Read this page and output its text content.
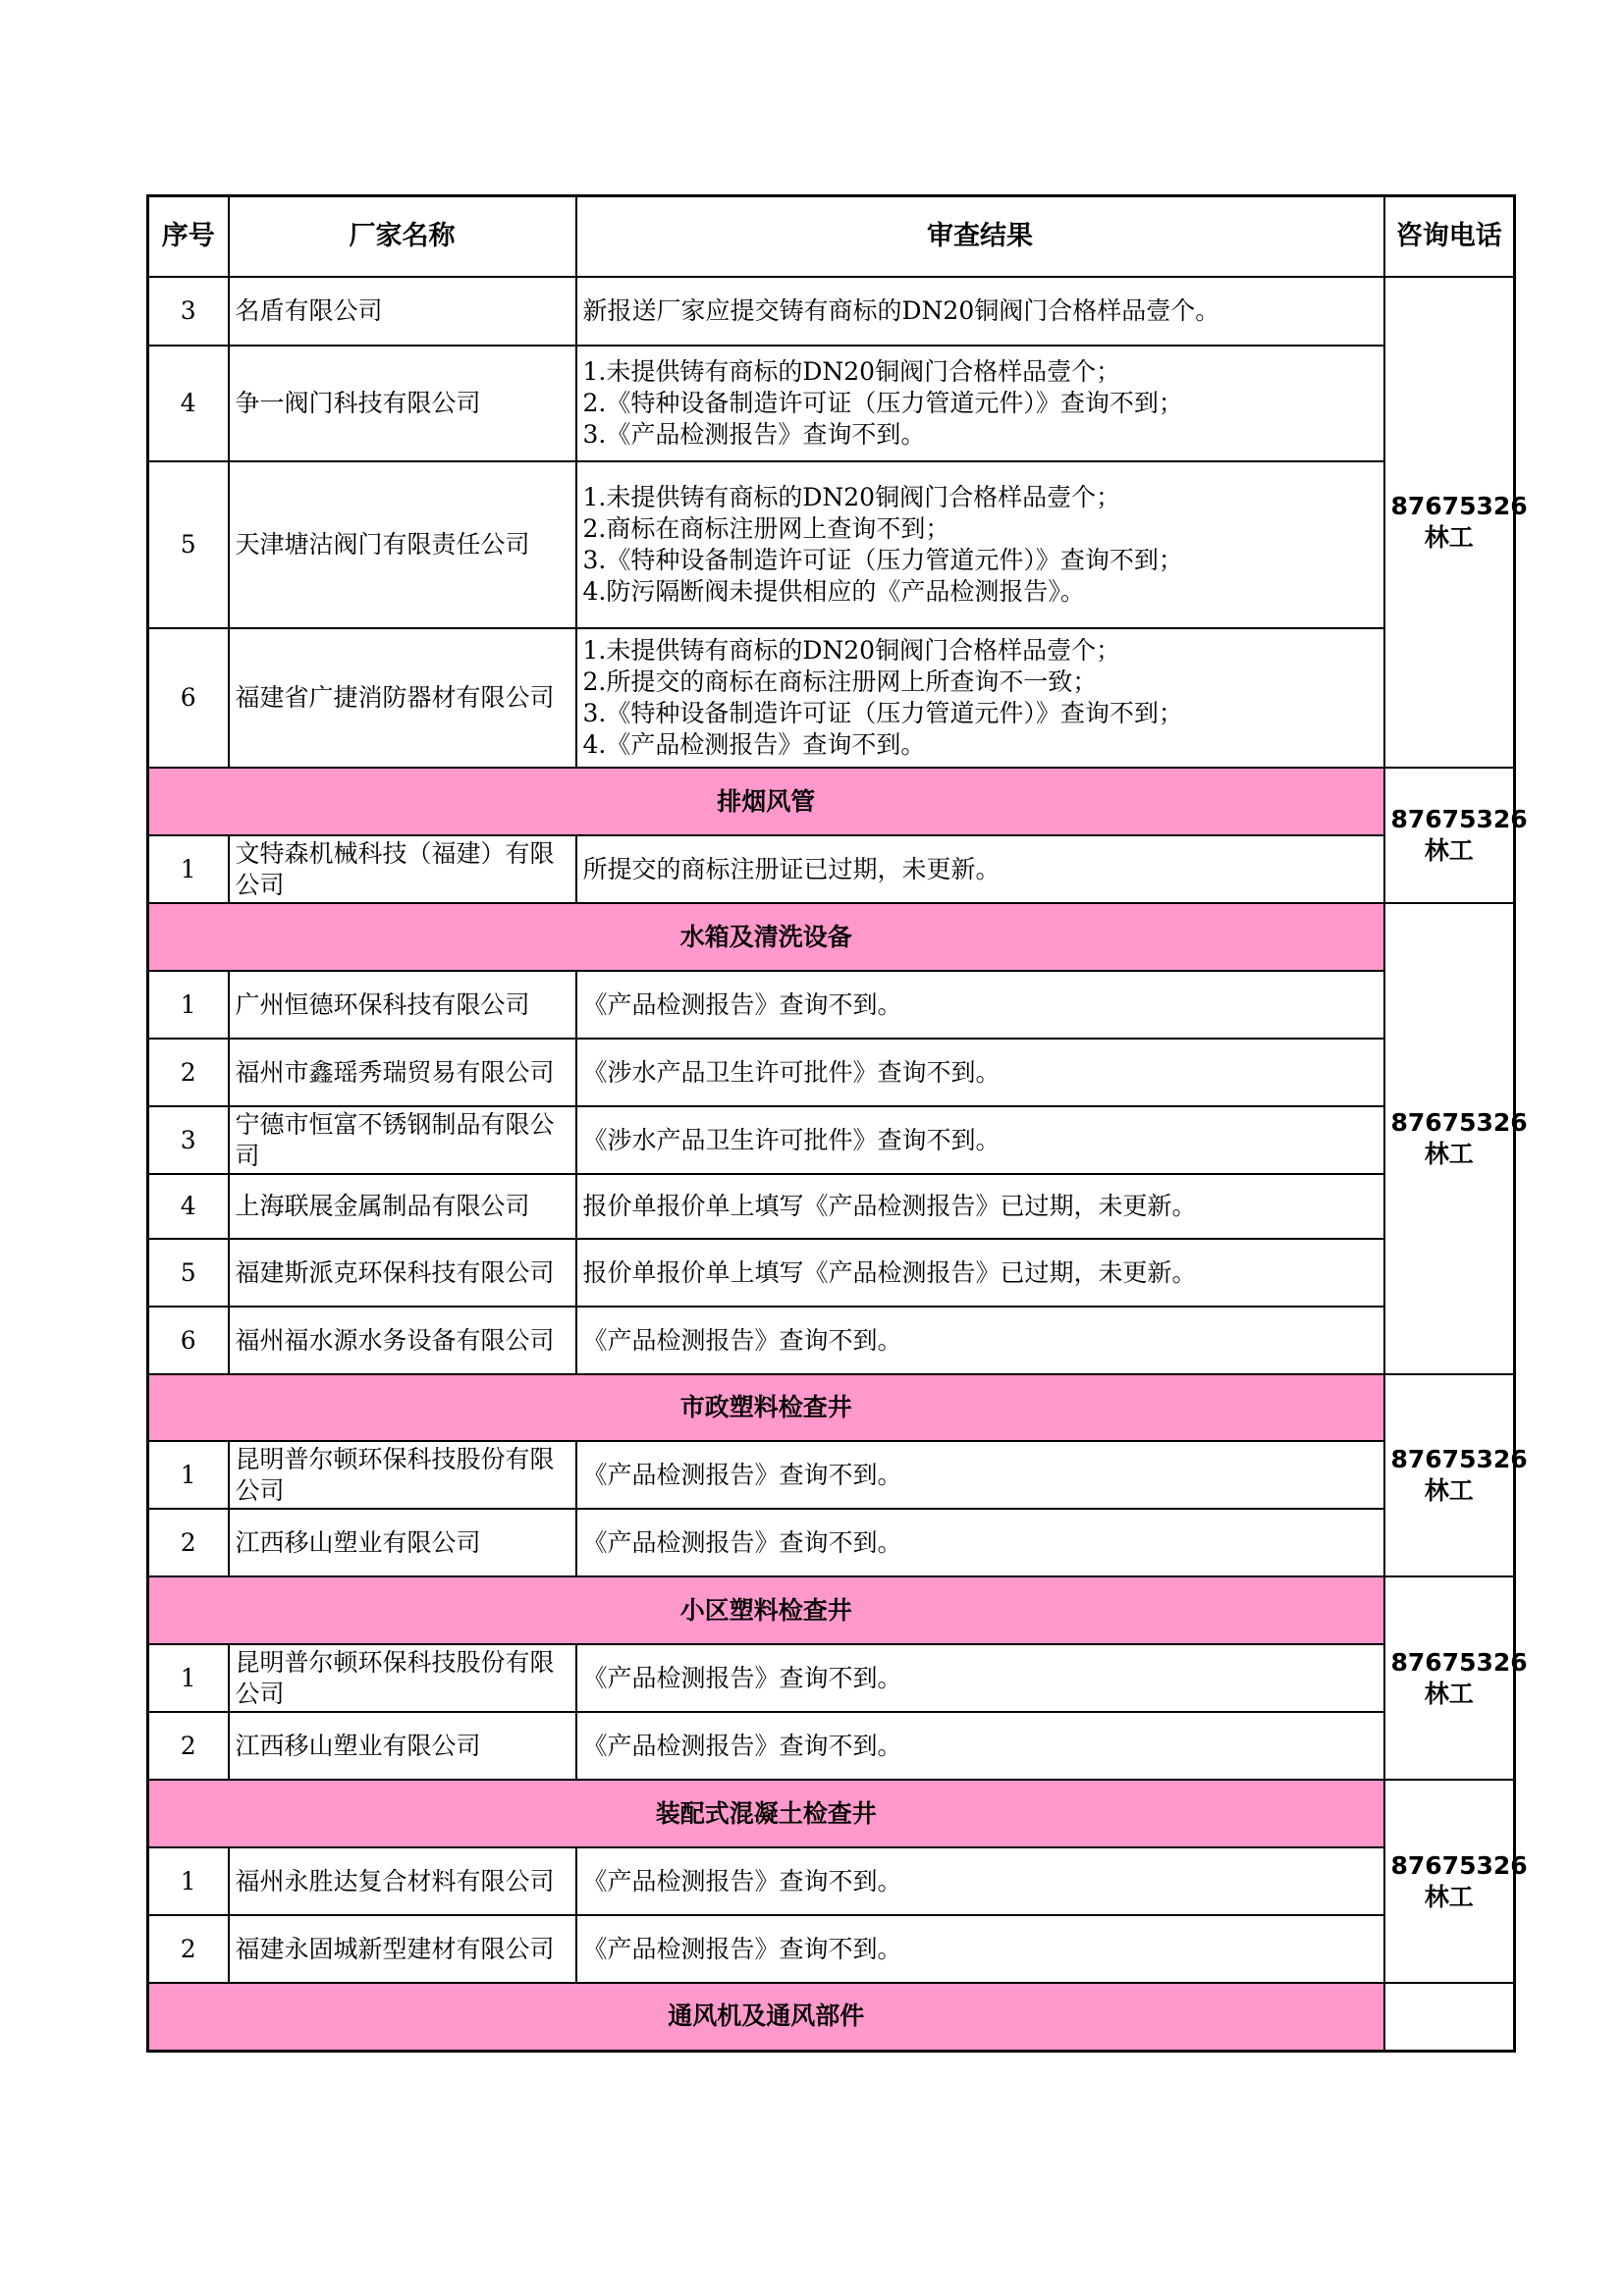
序号	厂家名称	审查结果	咨询电话
3	名盾有限公司	新报送厂家应提交铸有商标的DN20铜阀门合格样品壹个。	87675326
林工

4	争一阀门科技有限公司	1.未提供铸有商标的DN20铜阀门合格样品壹个；
2.《特种设备制造许可证（压力管道元件）》查询不到；
3.《产品检测报告》查询不到。	

5	天津塘沽阀门有限责任公司	1.未提供铸有商标的DN20铜阀门合格样品壹个；
2.商标在商标注册网上查询不到；
3.《特种设备制造许可证（压力管道元件）》查询不到；
4.防污隔断阀未提供相应的《产品检测报告》。	

6	福建省广捷消防器材有限公司	1.未提供铸有商标的DN20铜阀门合格样品壹个；
2.所提交的商标在商标注册网上所查询不一致；
3.《特种设备制造许可证（压力管道元件）》查询不到；
4.《产品检测报告》查询不到。	

排烟风管			87675326
林工

1	文特森机械科技（福建）有限公司	所提交的商标注册证已过期，未更新。	
水箱及清洗设备			87675326
林工

1	广州恒德环保科技有限公司	《产品检测报告》查询不到。	
2	福州市鑫瑶秀瑞贸易有限公司	《涉水产品卫生许可批件》查询不到。	
3	宁德市恒富不锈钢制品有限公司	《涉水产品卫生许可批件》查询不到。	
4	上海联展金属制品有限公司	报价单报价单上填写《产品检测报告》已过期，未更新。	
5	福建斯派克环保科技有限公司	报价单报价单上填写《产品检测报告》已过期，未更新。	
6	福州福水源水务设备有限公司	《产品检测报告》查询不到。	
市政塑料检查井			87675326
林工

1	昆明普尔顿环保科技股份有限公司	《产品检测报告》查询不到。	
2	江西移山塑业有限公司	《产品检测报告》查询不到。	
小区塑料检查井			87675326
林工

1	昆明普尔顿环保科技股份有限公司	《产品检测报告》查询不到。	
2	江西移山塑业有限公司	《产品检测报告》查询不到。	
装配式混凝土检查井			87675326
林工

1	福州永胜达复合材料有限公司	《产品检测报告》查询不到。	
2	福建永固城新型建材有限公司	《产品检测报告》查询不到。	
通风机及通风部件			
